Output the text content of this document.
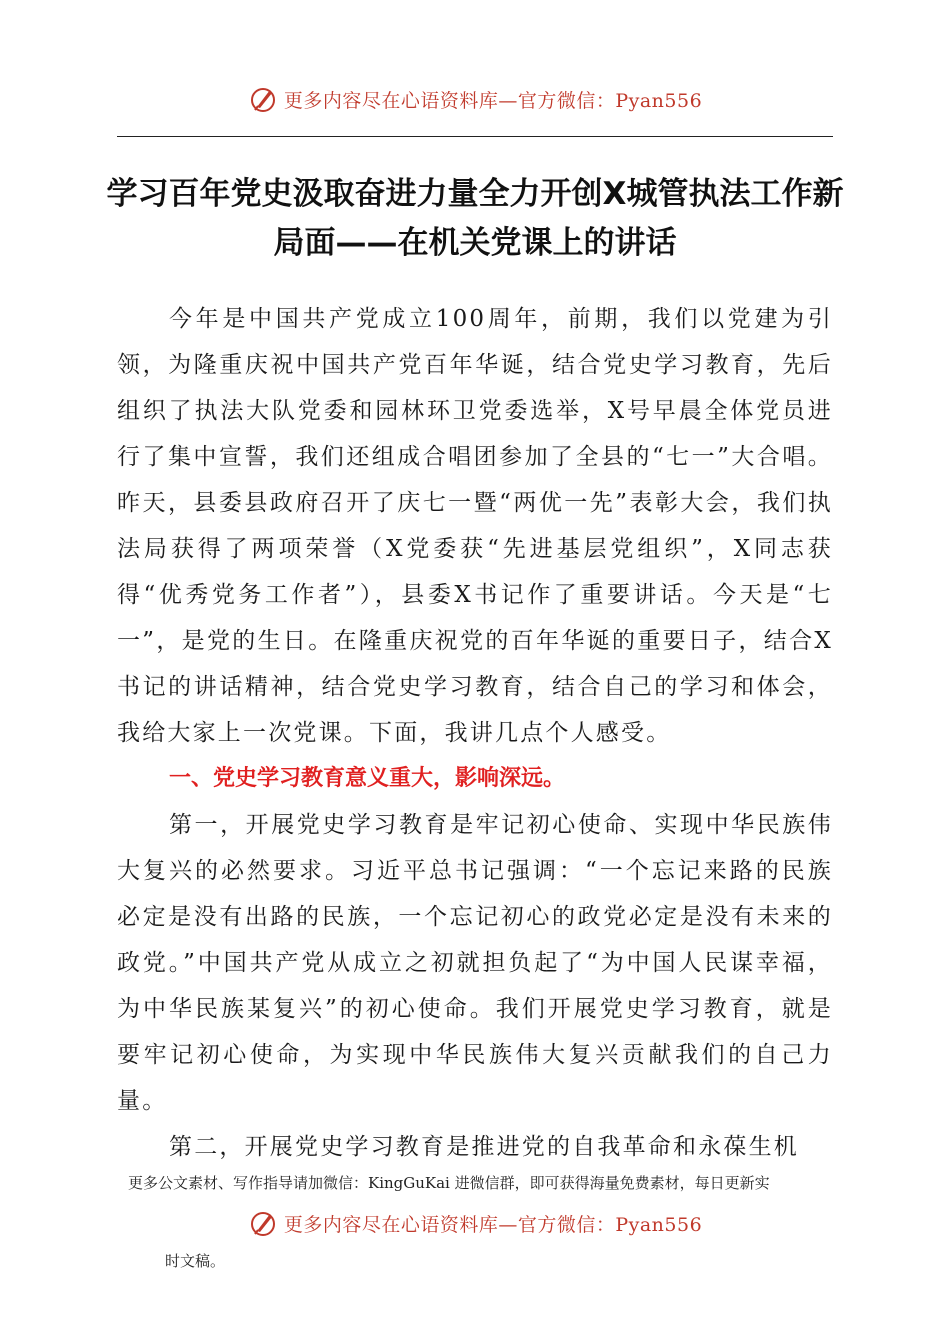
更多内容尽在心语资料库—官方微信：Pyan556
学习百年党史汲取奋进力量全力开创X城管执法工作新局面——在机关党课上的讲话

今年是中国共产党成立100周年，前期，我们以党建为引领，为隆重庆祝中国共产党百年华诞，结合党史学习教育，先后组织了执法大队党委和园林环卫党委选举，X号早晨全体党员进行了集中宣誓，我们还组成合唱团参加了全县的“七一”大合唱。昨天，县委县政府召开了庆七一暨“两优一先”表彰大会，我们执法局获得了两项荣誉（X党委获“先进基层党组织”，X同志获得“优秀党务工作者”），县委X书记作了重要讲话。今天是“七一”，是党的生日。在隆重庆祝党的百年华诞的重要日子，结合X书记的讲话精神，结合党史学习教育，结合自己的学习和体会，我给大家上一次党课。下面，我讲几点个人感受。

一、党史学习教育意义重大，影响深远。

第一，开展党史学习教育是牢记初心使命、实现中华民族伟大复兴的必然要求。习近平总书记强调：“一个忘记来路的民族必定是没有出路的民族，一个忘记初心的政党必定是没有未来的政党。”中国共产党从成立之初就担负起了“为中国人民谋幸福，为中华民族某复兴”的初心使命。我们开展党史学习教育，就是要牢记初心使命，为实现中华民族伟大复兴贡献我们的自己力量。

第二，开展党史学习教育是推进党的自我革命和永葆生机

更多公文素材、写作指导请加微信：KingGuKai 进微信群，即可获得海量免费素材，每日更新实
更多内容尽在心语资料库—官方微信：Pyan556
时文稿。
